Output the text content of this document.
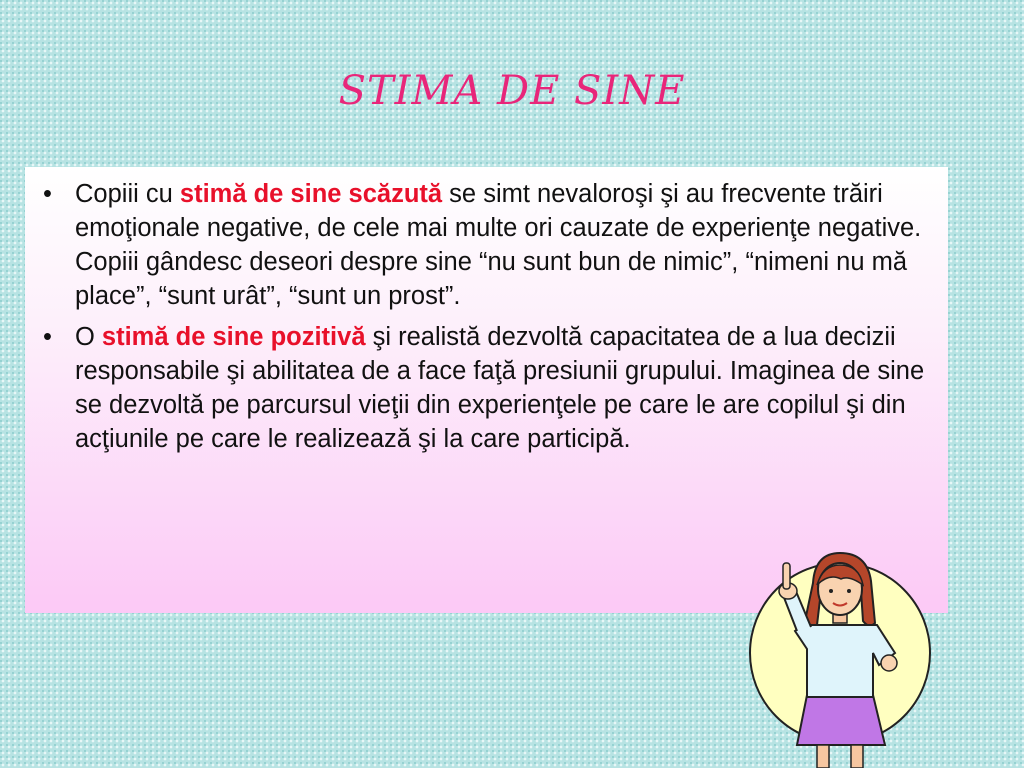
STIMA DE SINE
• Copiii cu stimă de sine scăzută se simt nevaloroşi şi au frecvente trăiri emoţionale negative, de cele mai multe ori cauzate de experienţe negative. Copiii gândesc deseori despre sine “nu sunt bun de nimic”, “nimeni nu mă place”, “sunt urât”, “sunt un prost”.
• O stimă de sine pozitivă şi realistă dezvoltă capacitatea de a lua decizii responsabile şi abilitatea de a face faţă presiunii grupului. Imaginea de sine se dezvoltă pe parcursul vieţii din experienţele pe care le are copilul şi din acţiunile pe care le realizează şi la care participă.
